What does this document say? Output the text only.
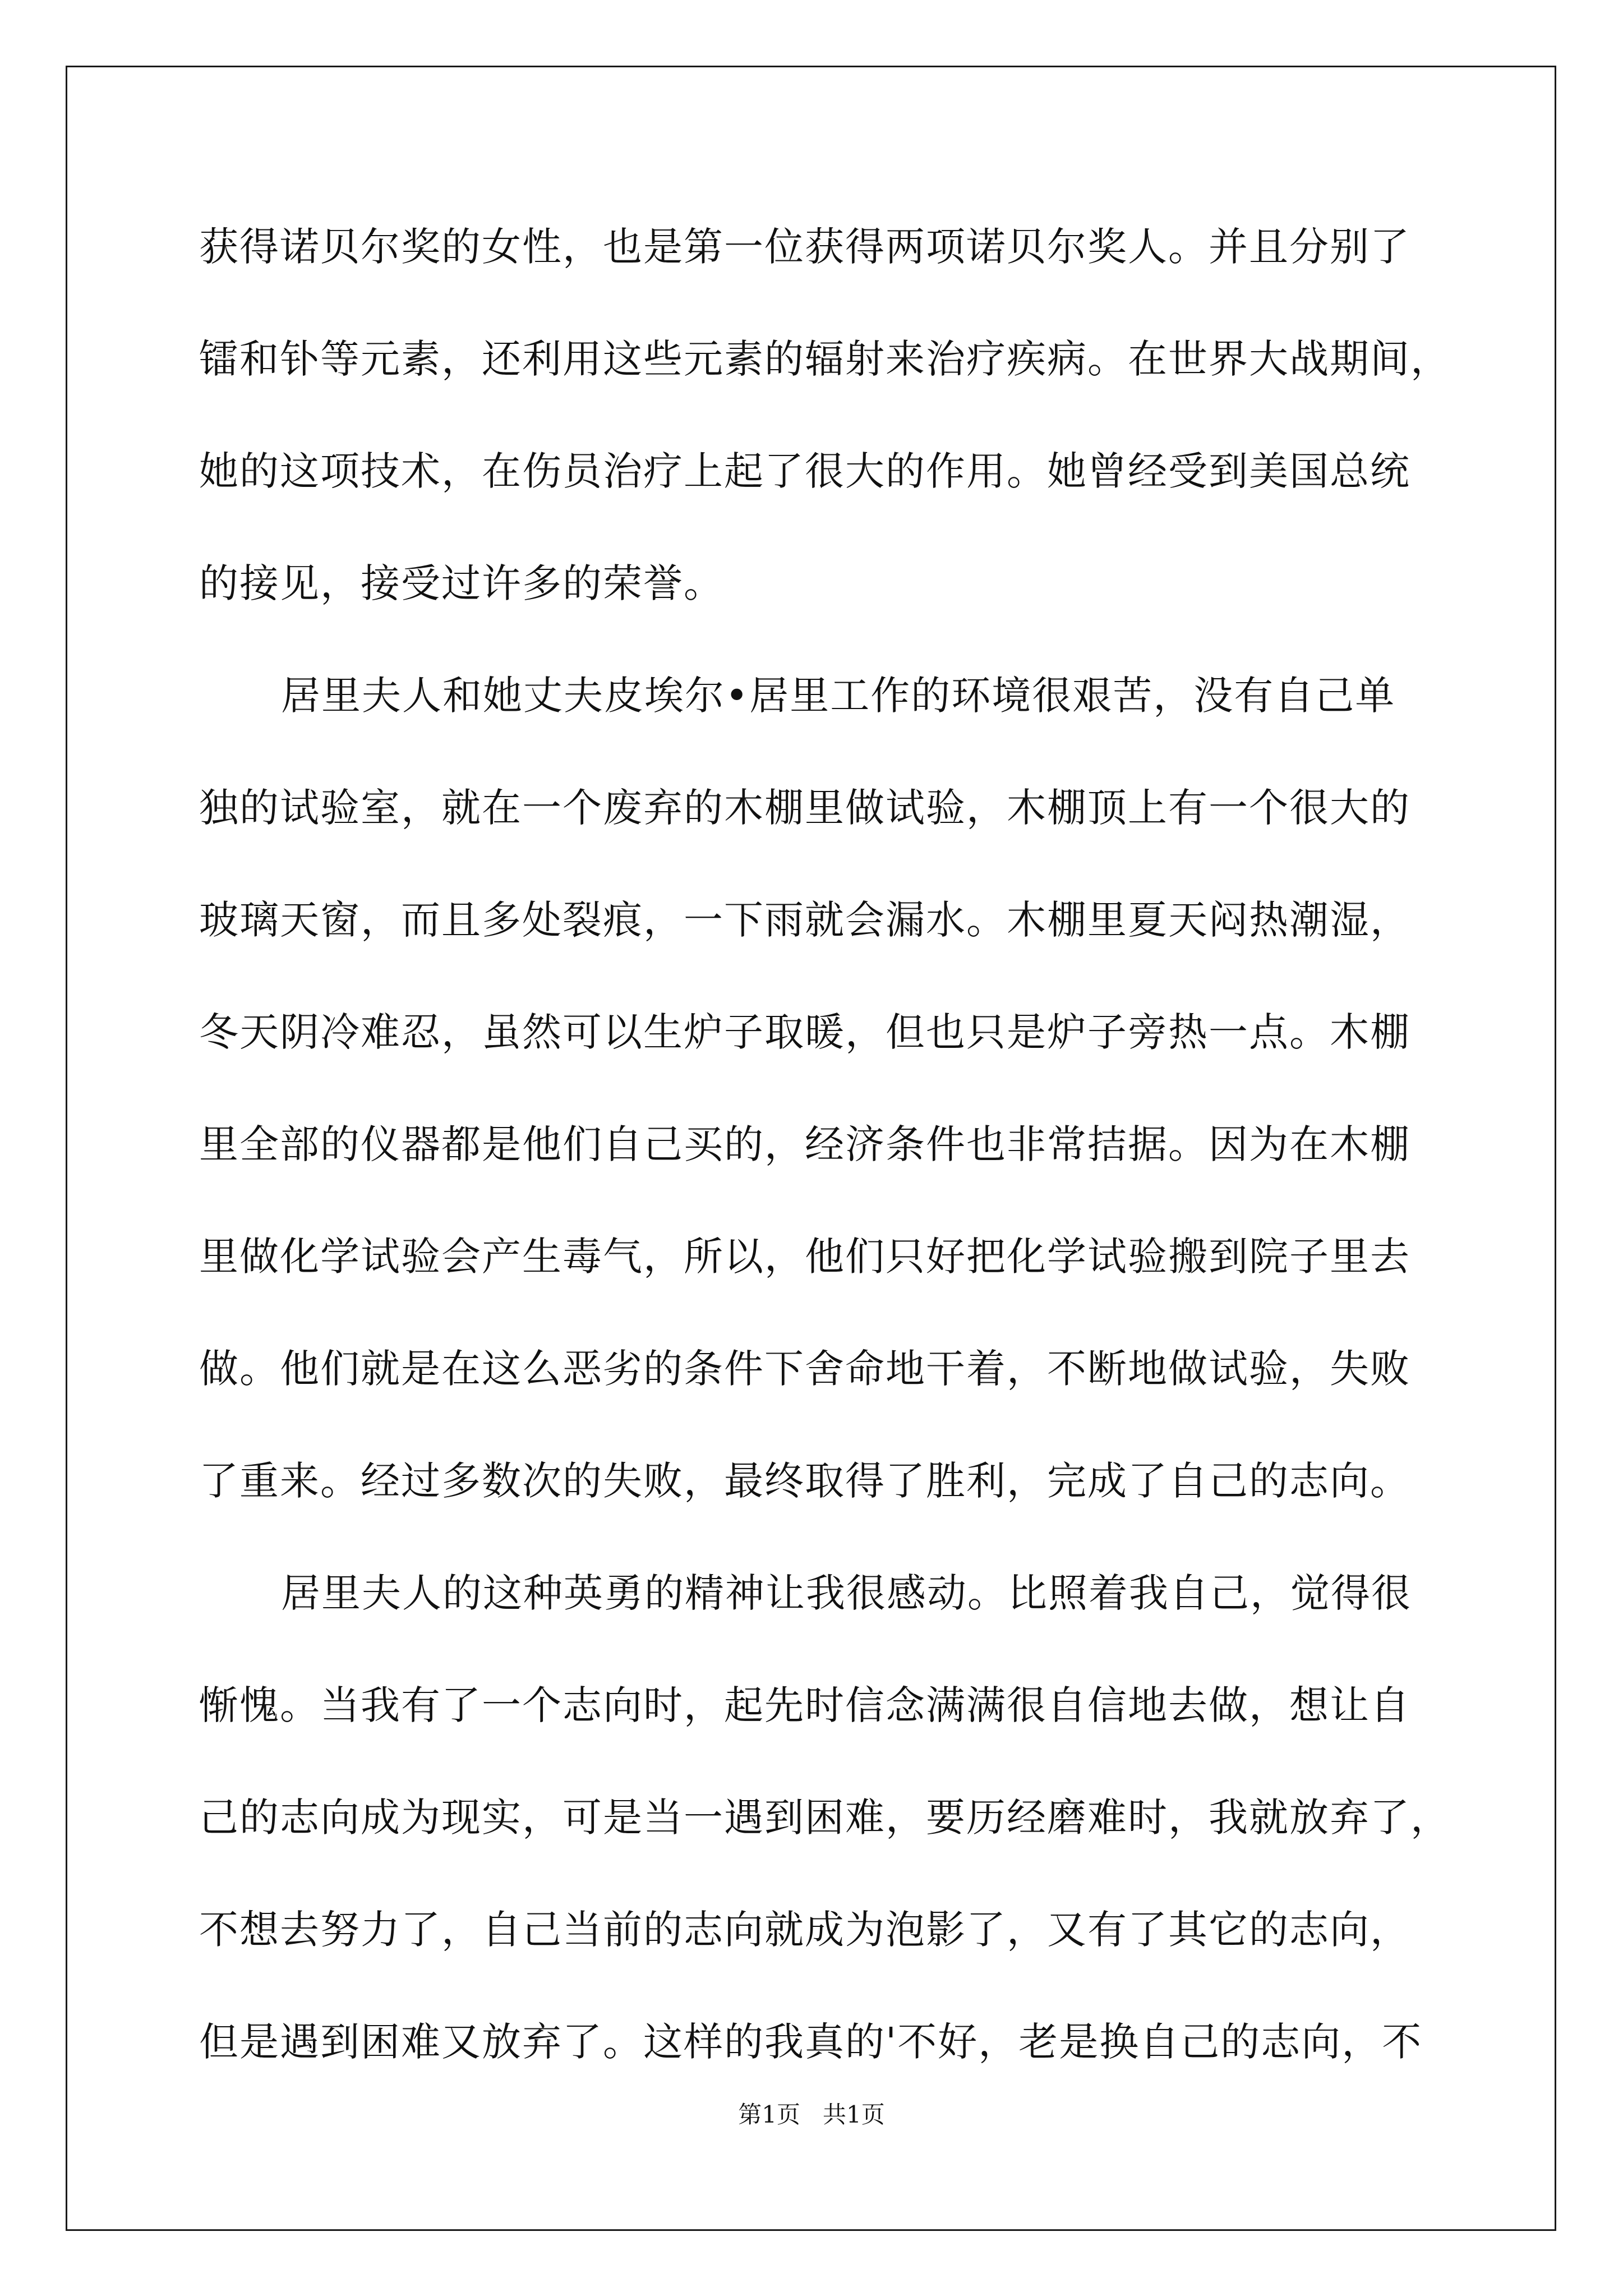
获得诺贝尔奖的女性，也是第一位获得两项诺贝尔奖人。并且分别了
镭和钋等元素，还利用这些元素的辐射来治疗疾病。在世界大战期间，
她的这项技术，在伤员治疗上起了很大的作用。她曾经受到美国总统
的接见，接受过许多的荣誉。
居里夫人和她丈夫皮埃尔•居里工作的环境很艰苦，没有自己单
独的试验室，就在一个废弃的木棚里做试验，木棚顶上有一个很大的
玻璃天窗，而且多处裂痕，一下雨就会漏水。木棚里夏天闷热潮湿，
冬天阴冷难忍，虽然可以生炉子取暖，但也只是炉子旁热一点。木棚
里全部的仪器都是他们自己买的，经济条件也非常拮据。因为在木棚
里做化学试验会产生毒气，所以，他们只好把化学试验搬到院子里去
做。他们就是在这么恶劣的条件下舍命地干着，不断地做试验，失败
了重来。经过多数次的失败，最终取得了胜利，完成了自己的志向。
居里夫人的这种英勇的精神让我很感动。比照着我自己，觉得很
惭愧。当我有了一个志向时，起先时信念满满很自信地去做，想让自
己的志向成为现实，可是当一遇到困难，要历经磨难时，我就放弃了，
不想去努力了，自己当前的志向就成为泡影了，又有了其它的志向，
但是遇到困难又放弃了。这样的我真的'不好，老是换自己的志向，不
第1页   共1页
